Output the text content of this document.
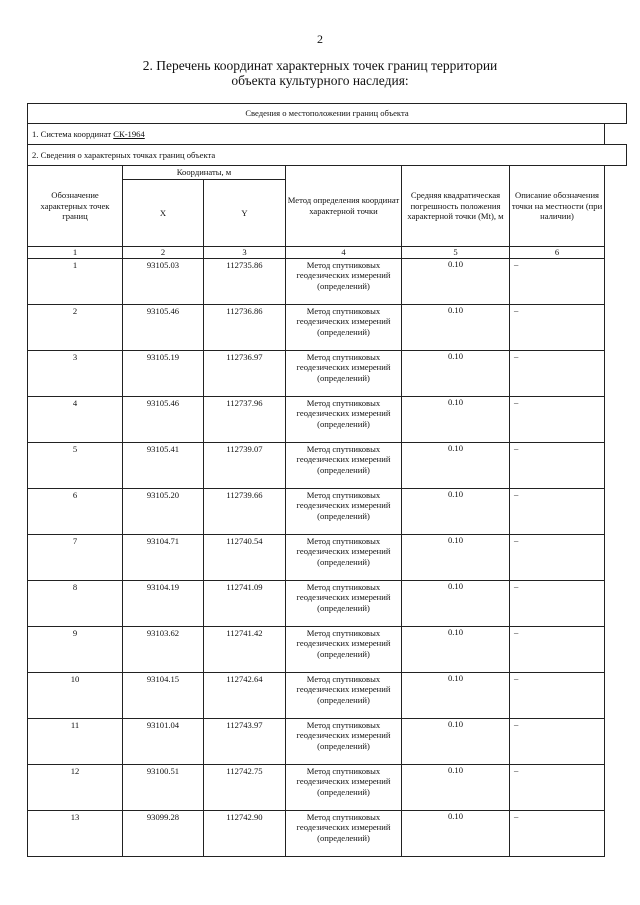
2
2. Перечень координат характерных точек границ территории
объекта культурного наследия:
Сведения о местоположении границ объекта						
1. Система координат СК-1964						
2. Сведения о характерных точках границ объекта						
Обозначение характерных точек границ	Координаты, м		Метод определения координат характерной точки	Средняя квадратическая погрешность положения характерной точки (Mt), м	Описание обозначения точки на местности (при наличии)	
	X	Y				
1	2	3	4	5	6	
1	93105.03	112735.86	Метод спутниковых геодезических измерений (определений)	0.10	–	
2	93105.46	112736.86	Метод спутниковых геодезических измерений (определений)	0.10	–	
3	93105.19	112736.97	Метод спутниковых геодезических измерений (определений)	0.10	–	
4	93105.46	112737.96	Метод спутниковых геодезических измерений (определений)	0.10	–	
5	93105.41	112739.07	Метод спутниковых геодезических измерений (определений)	0.10	–	
6	93105.20	112739.66	Метод спутниковых геодезических измерений (определений)	0.10	–	
7	93104.71	112740.54	Метод спутниковых геодезических измерений (определений)	0.10	–	
8	93104.19	112741.09	Метод спутниковых геодезических измерений (определений)	0.10	–	
9	93103.62	112741.42	Метод спутниковых геодезических измерений (определений)	0.10	–	
10	93104.15	112742.64	Метод спутниковых геодезических измерений (определений)	0.10	–	
11	93101.04	112743.97	Метод спутниковых геодезических измерений (определений)	0.10	–	
12	93100.51	112742.75	Метод спутниковых геодезических измерений (определений)	0.10	–	
13	93099.28	112742.90	Метод спутниковых геодезических измерений (определений)	0.10	–	
